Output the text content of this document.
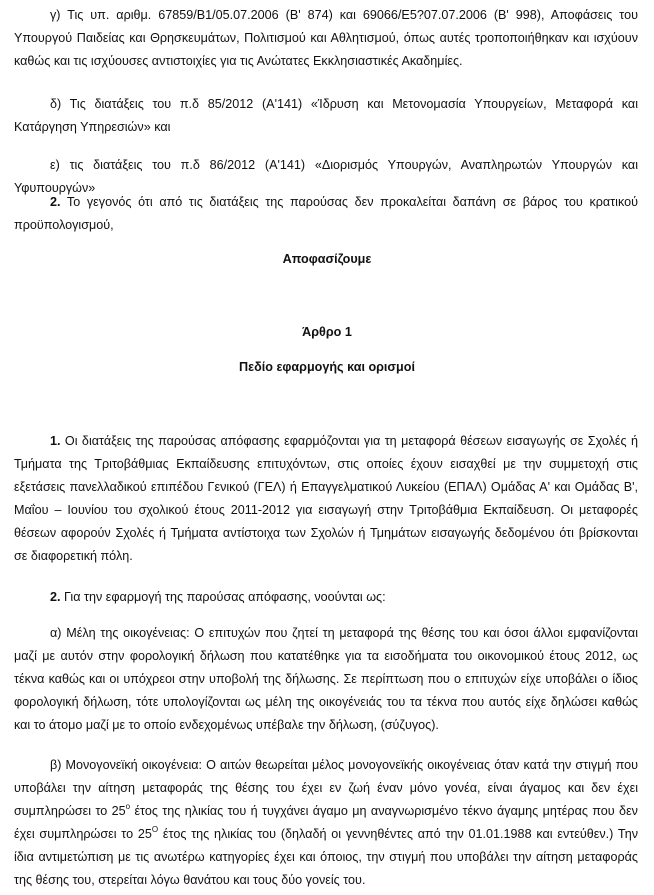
γ) Τις υπ. αριθμ. 67859/Β1/05.07.2006 (Β' 874) και 69066/Ε5?07.07.2006 (Β' 998), Αποφάσεις του Υπουργού Παιδείας και Θρησκευμάτων, Πολιτισμού και Αθλητισμού, όπως αυτές τροποποιήθηκαν και ισχύουν καθώς και τις ισχύουσες αντιστοιχίες για τις Ανώτατες Εκκλησιαστικές Ακαδημίες.

δ) Τις διατάξεις του π.δ 85/2012 (Α'141) «Ίδρυση και Μετονομασία Υπουργείων, Μεταφορά και Κατάργηση Υπηρεσιών» και

ε) τις διατάξεις του π.δ 86/2012 (Α'141) «Διορισμός Υπουργών, Αναπληρωτών Υπουργών και Υφυπουργών»

2. Το γεγονός ότι από τις διατάξεις της παρούσας δεν προκαλείται δαπάνη σε βάρος του κρατικού προϋπολογισμού,

Αποφασίζουμε

Άρθρο 1

Πεδίο εφαρμογής και ορισμοί

1. Οι διατάξεις της παρούσας απόφασης εφαρμόζονται για τη μεταφορά θέσεων εισαγωγής σε Σχολές ή Τμήματα της Τριτοβάθμιας Εκπαίδευσης επιτυχόντων, στις οποίες έχουν εισαχθεί με την συμμετοχή στις εξετάσεις πανελλαδικού επιπέδου Γενικού (ΓΕΛ) ή Επαγγελματικού Λυκείου (ΕΠΑΛ) Ομάδας Α' και Ομάδας Β', Μαΐου – Ιουνίου του σχολικού έτους 2011-2012 για εισαγωγή στην Τριτοβάθμια Εκπαίδευση. Οι μεταφορές θέσεων αφορούν Σχολές ή Τμήματα αντίστοιχα των Σχολών ή Τμημάτων εισαγωγής δεδομένου ότι βρίσκονται σε διαφορετική πόλη.

2. Για την εφαρμογή της παρούσας απόφασης, νοούνται ως:

α) Μέλη της οικογένειας: Ο επιτυχών που ζητεί τη μεταφορά της θέσης του και όσοι άλλοι εμφανίζονται μαζί με αυτόν στην φορολογική δήλωση που κατατέθηκε για τα εισοδήματα του οικονομικού έτους 2012, ως τέκνα καθώς και οι υπόχρεοι στην υποβολή της δήλωσης. Σε περίπτωση που ο επιτυχών είχε υποβάλει ο ίδιος φορολογική δήλωση, τότε υπολογίζονται ως μέλη της οικογένειάς του τα τέκνα που αυτός είχε δηλώσει καθώς και το άτομο μαζί με το οποίο ενδεχομένως υπέβαλε την δήλωση, (σύζυγος).

β) Μονογονεϊκή οικογένεια: Ο αιτών θεωρείται μέλος μονογονεϊκής οικογένειας όταν κατά την στιγμή που υποβάλει την αίτηση μεταφοράς της θέσης του έχει εν ζωή έναν μόνο γονέα, είναι άγαμος και δεν έχει συμπληρώσει το $25^o$ έτος της ηλικίας του ή τυγχάνει άγαμο μη αναγνωρισμένο τέκνο άγαμης μητέρας που δεν έχει συμπληρώσει το $25^O$ έτος της ηλικίας του (δηλαδή οι γεννηθέντες από την 01.01.1988 και εντεύθεν.) Την ίδια αντιμετώπιση με τις ανωτέρω κατηγορίες έχει και όποιος, την στιγμή που υποβάλει την αίτηση μεταφοράς της θέσης του, στερείται λόγω θανάτου και τους δύο γονείς του.
